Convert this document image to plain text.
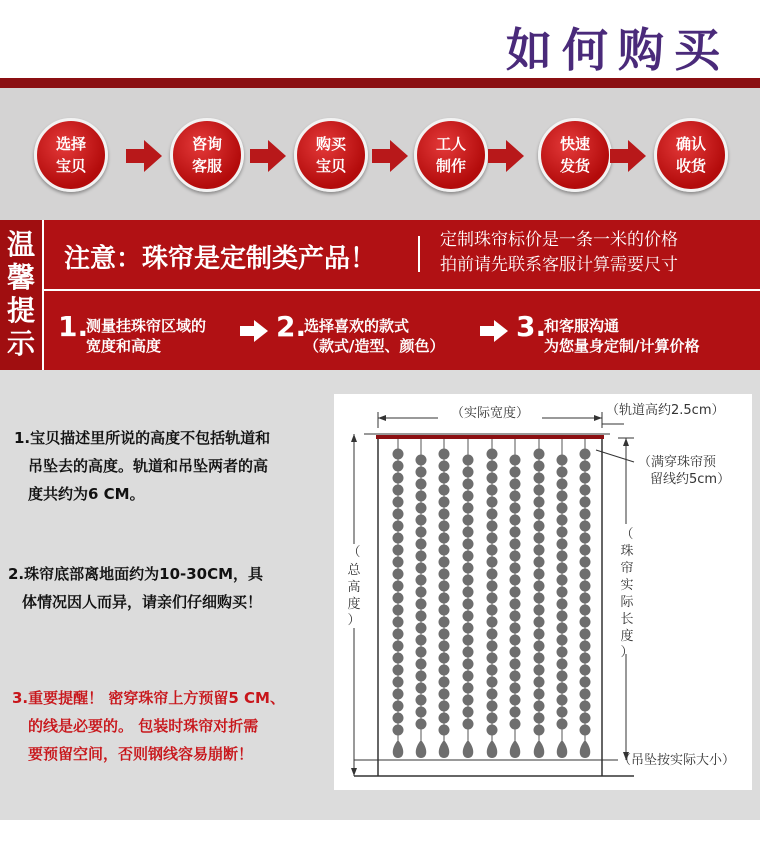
如何购买
选择
宝贝
咨询
客服
购买
宝贝
工人
制作
快速
发货
确认
收货
温
馨
提
示
注意：珠帘是定制类产品！
定制珠帘标价是一条一米的价格
拍前请先联系客服计算需要尺寸
1.
测量挂珠帘区域的
宽度和高度
2.
选择喜欢的款式
（款式/造型、颜色）
3.
和客服沟通
为您量身定制/计算价格
1.宝贝描述里所说的高度不包括轨道和
吊坠去的高度。轨道和吊坠两者的高
度共约为6 CM。
2.珠帘底部离地面约为10-30CM，具
体情况因人而异，请亲们仔细购买！
3.重要提醒！ 密穿珠帘上方预留5 CM、
的线是必要的。 包装时珠帘对折需
要预留空间，否则钢线容易崩断！
（实际宽度）	（轨道高约2.5cm）
（
总
高
度
）
（
珠
帘
实
际
长
度
）
（满穿珠帘预
留线约5cm）
（吊坠按实际大小）
